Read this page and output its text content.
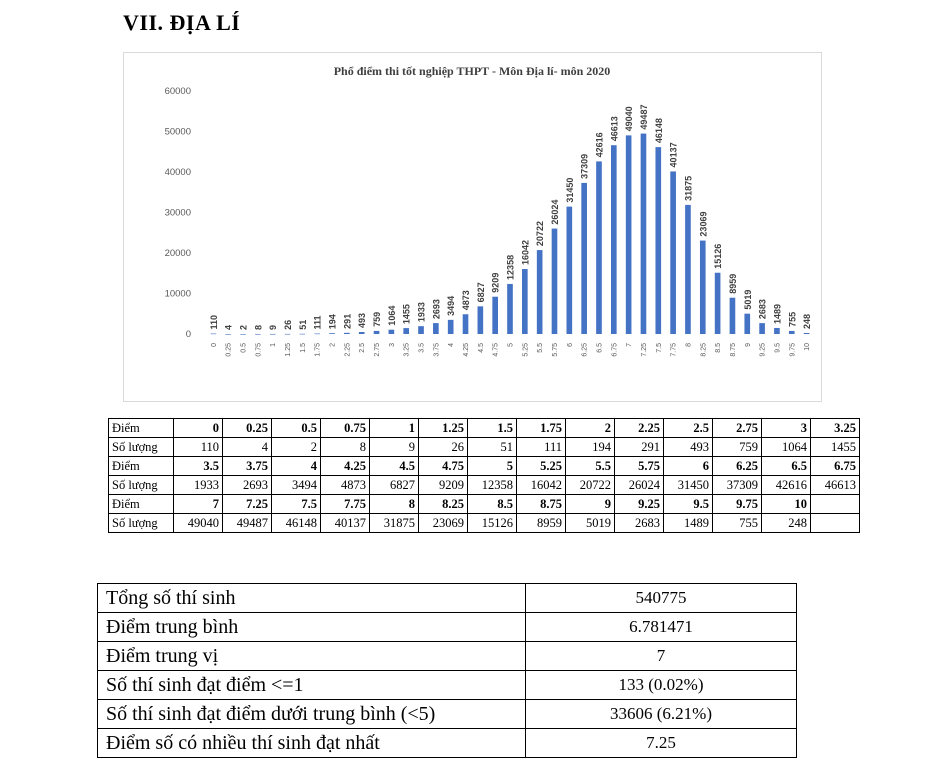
VII. ĐỊA LÍ
Phổ điểm thi tốt nghiệp THPT - Môn Địa lí- môn 2020
0
10000
20000
30000
40000
50000
60000
110
0
4
0.25
2
0.5
8
0.75
9
1
26
1.25
51
1.5
111
1.75
194
2
291
2.25
493
2.5
759
2.75
1064
3
1455
3.25
1933
3.5
2693
3.75
3494
4
4873
4.25
6827
4.5
9209
4.75
12358
5
16042
5.25
20722
5.5
26024
5.75
31450
6
37309
6.25
42616
6.5
46613
6.75
49040
7
49487
7.25
46148
7.5
40137
7.75
31875
8
23069
8.25
15126
8.5
8959
8.75
5019
9
2683
9.25
1489
9.5
755
9.75
248
10
Điểm	0	0.25	0.5	0.75	1	1.25	1.5	1.75	2	2.25	2.5	2.75	3	3.25
Số lượng	110	4	2	8	9	26	51	111	194	291	493	759	1064	1455
Điểm	3.5	3.75	4	4.25	4.5	4.75	5	5.25	5.5	5.75	6	6.25	6.5	6.75
Số lượng	1933	2693	3494	4873	6827	9209	12358	16042	20722	26024	31450	37309	42616	46613
Điểm	7	7.25	7.5	7.75	8	8.25	8.5	8.75	9	9.25	9.5	9.75	10	
Số lượng	49040	49487	46148	40137	31875	23069	15126	8959	5019	2683	1489	755	248	
Tổng số thí sinh	540775
Điểm trung bình	6.781471
Điểm trung vị	7
Số thí sinh đạt điểm <=1	133 (0.02%)
Số thí sinh đạt điểm dưới trung bình (<5)	33606 (6.21%)
Điểm số có nhiều thí sinh đạt nhất	7.25
